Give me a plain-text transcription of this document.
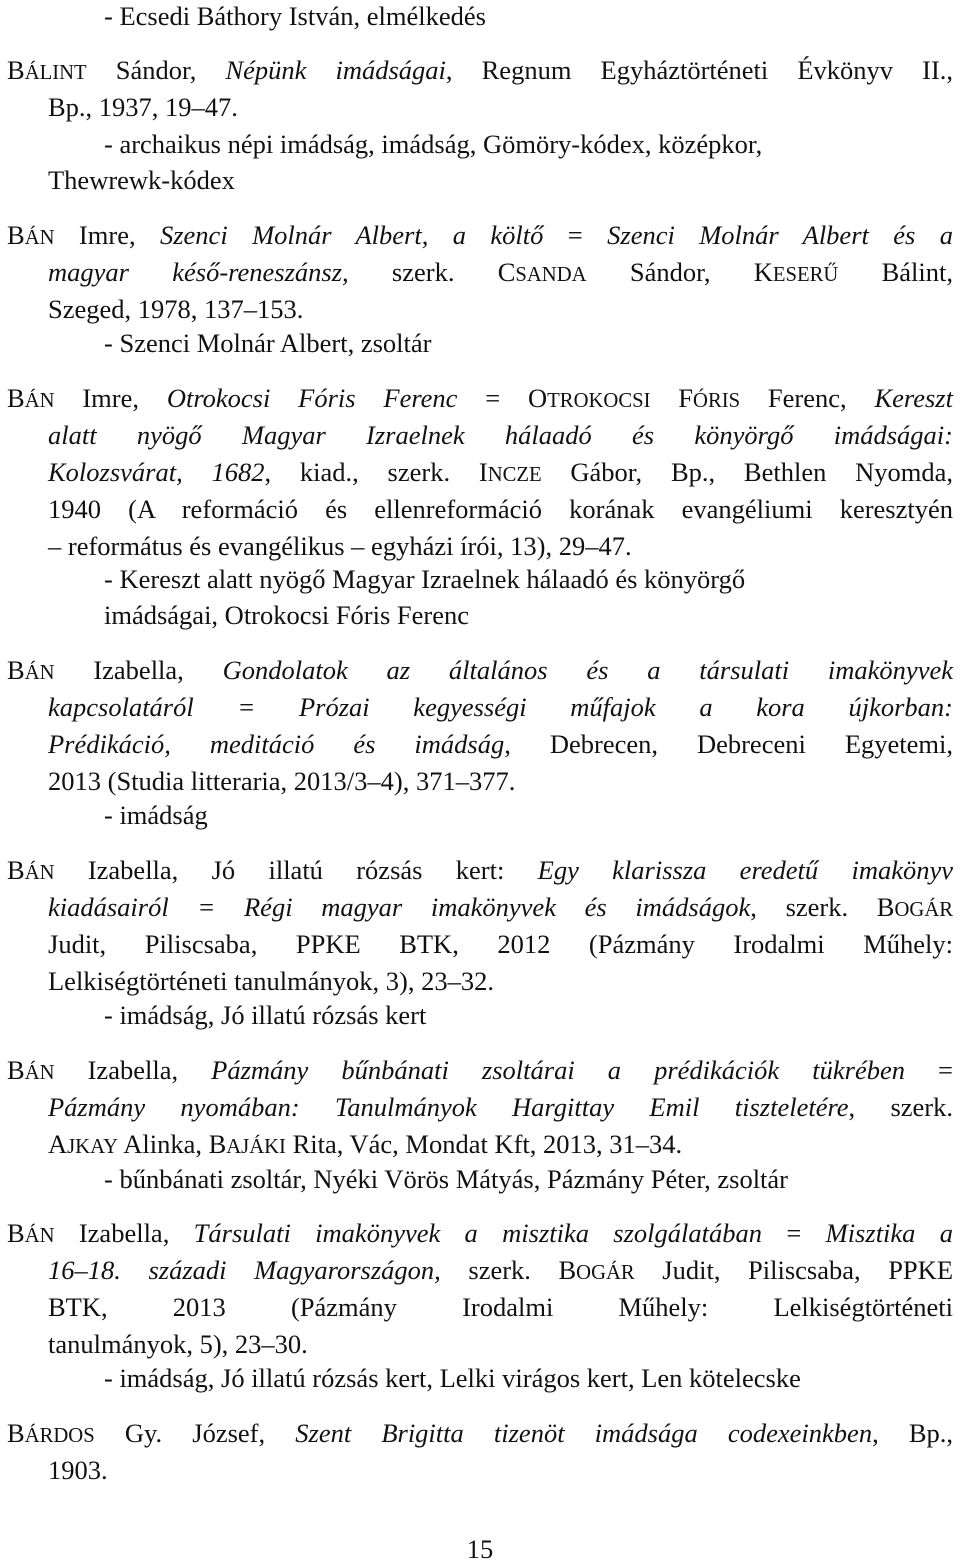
- Ecsedi Báthory István, elmélkedés
BÁLINT Sándor, Népünk imádságai, Regnum Egyháztörténeti Évkönyv II.,
Bp., 1937, 19–47.
- archaikus népi imádság, imádság, Gömöry-kódex, középkor,
Thewrewk-kódex
BÁN Imre, Szenci Molnár Albert, a költő = Szenci Molnár Albert és a
magyar késő-reneszánsz, szerk. CSANDA Sándor, KESERŰ Bálint,
Szeged, 1978, 137–153.
- Szenci Molnár Albert, zsoltár
BÁN Imre, Otrokocsi Fóris Ferenc = OTROKOCSI FÓRIS Ferenc, Kereszt
alatt nyögő Magyar Izraelnek hálaadó és könyörgő imádságai:
Kolozsvárat, 1682, kiad., szerk. INCZE Gábor, Bp., Bethlen Nyomda,
1940 (A reformáció és ellenreformáció korának evangéliumi keresztyén
– református és evangélikus – egyházi írói, 13), 29–47.
- Kereszt alatt nyögő Magyar Izraelnek hálaadó és könyörgő
imádságai, Otrokocsi Fóris Ferenc
BÁN Izabella, Gondolatok az általános és a társulati imakönyvek
kapcsolatáról = Prózai kegyességi műfajok a kora újkorban:
Prédikáció, meditáció és imádság, Debrecen, Debreceni Egyetemi,
2013 (Studia litteraria, 2013/3–4), 371–377.
- imádság
BÁN Izabella, Jó illatú rózsás kert: Egy klarissza eredetű imakönyv
kiadásairól = Régi magyar imakönyvek és imádságok, szerk. BOGÁR
Judit, Piliscsaba, PPKE BTK, 2012 (Pázmány Irodalmi Műhely:
Lelkiségtörténeti tanulmányok, 3), 23–32.
- imádság, Jó illatú rózsás kert
BÁN Izabella, Pázmány bűnbánati zsoltárai a prédikációk tükrében =
Pázmány nyomában: Tanulmányok Hargittay Emil tiszteletére, szerk.
AJKAY Alinka, BAJÁKI Rita, Vác, Mondat Kft, 2013, 31–34.
- bűnbánati zsoltár, Nyéki Vörös Mátyás, Pázmány Péter, zsoltár
BÁN Izabella, Társulati imakönyvek a misztika szolgálatában = Misztika a
16–18. századi Magyarországon, szerk. BOGÁR Judit, Piliscsaba, PPKE
BTK, 2013 (Pázmány Irodalmi Műhely: Lelkiségtörténeti
tanulmányok, 5), 23–30.
- imádság, Jó illatú rózsás kert, Lelki virágos kert, Len kötelecske
BÁRDOS Gy. József, Szent Brigitta tizenöt imádsága codexeinkben, Bp.,
1903.
15
